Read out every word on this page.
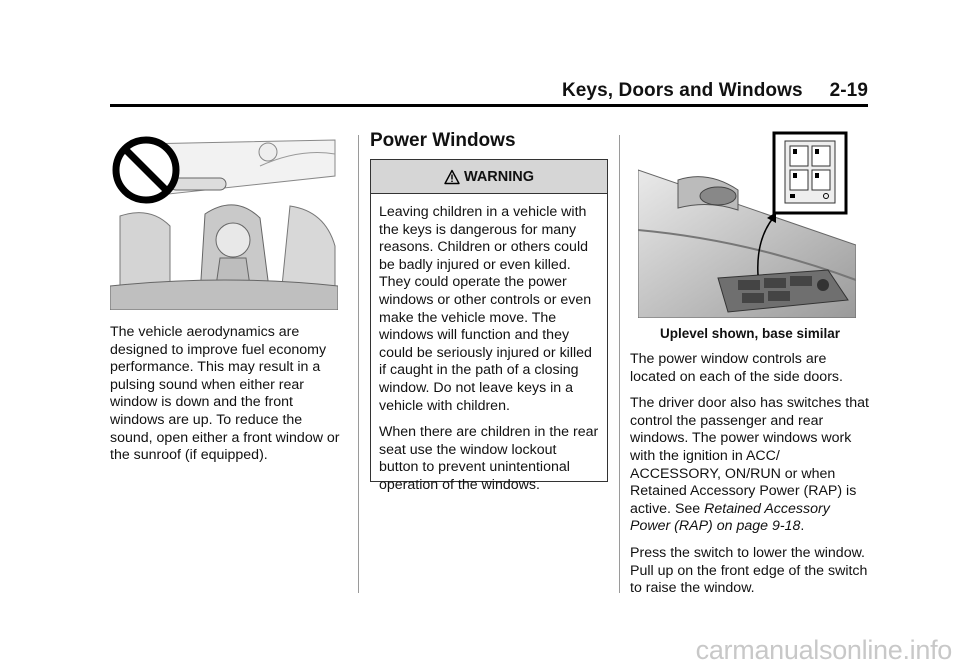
Keys, Doors and Windows 2-19

The vehicle aerodynamics are designed to improve fuel economy performance. This may result in a pulsing sound when either rear window is down and the front windows are up. To reduce the sound, open either a front window or the sunroof (if equipped).

Power Windows
WARNING

Leaving children in a vehicle with the keys is dangerous for many reasons. Children or others could be badly injured or even killed. They could operate the power windows or other controls or even make the vehicle move. The windows will function and they could be seriously injured or killed if caught in the path of a closing window. Do not leave keys in a vehicle with children.

When there are children in the rear seat use the window lockout button to prevent unintentional operation of the windows.

Uplevel shown, base similar

The power window controls are located on each of the side doors.

The driver door also has switches that control the passenger and rear windows. The power windows work with the ignition in ACC/ ACCESSORY, ON/RUN or when Retained Accessory Power (RAP) is active. See Retained Accessory Power (RAP) on page 9-18.

Press the switch to lower the window. Pull up on the front edge of the switch to raise the window.

carmanualsonline.info
